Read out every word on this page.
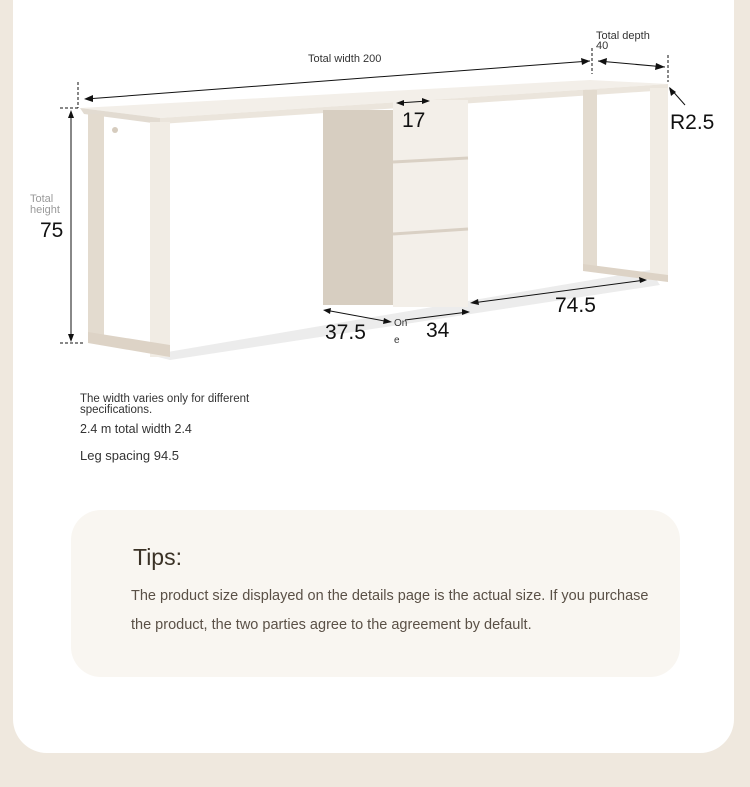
Total width 200
Total depth
40
R2.5
17
Total
height
75
37.5	On
e 34
74.5
The width varies only for different specifications.
2.4 m total width 2.4
Leg spacing 94.5
Tips:
The product size displayed on the details page is the actual size. If you purchase the product, the two parties agree to the agreement by default.
